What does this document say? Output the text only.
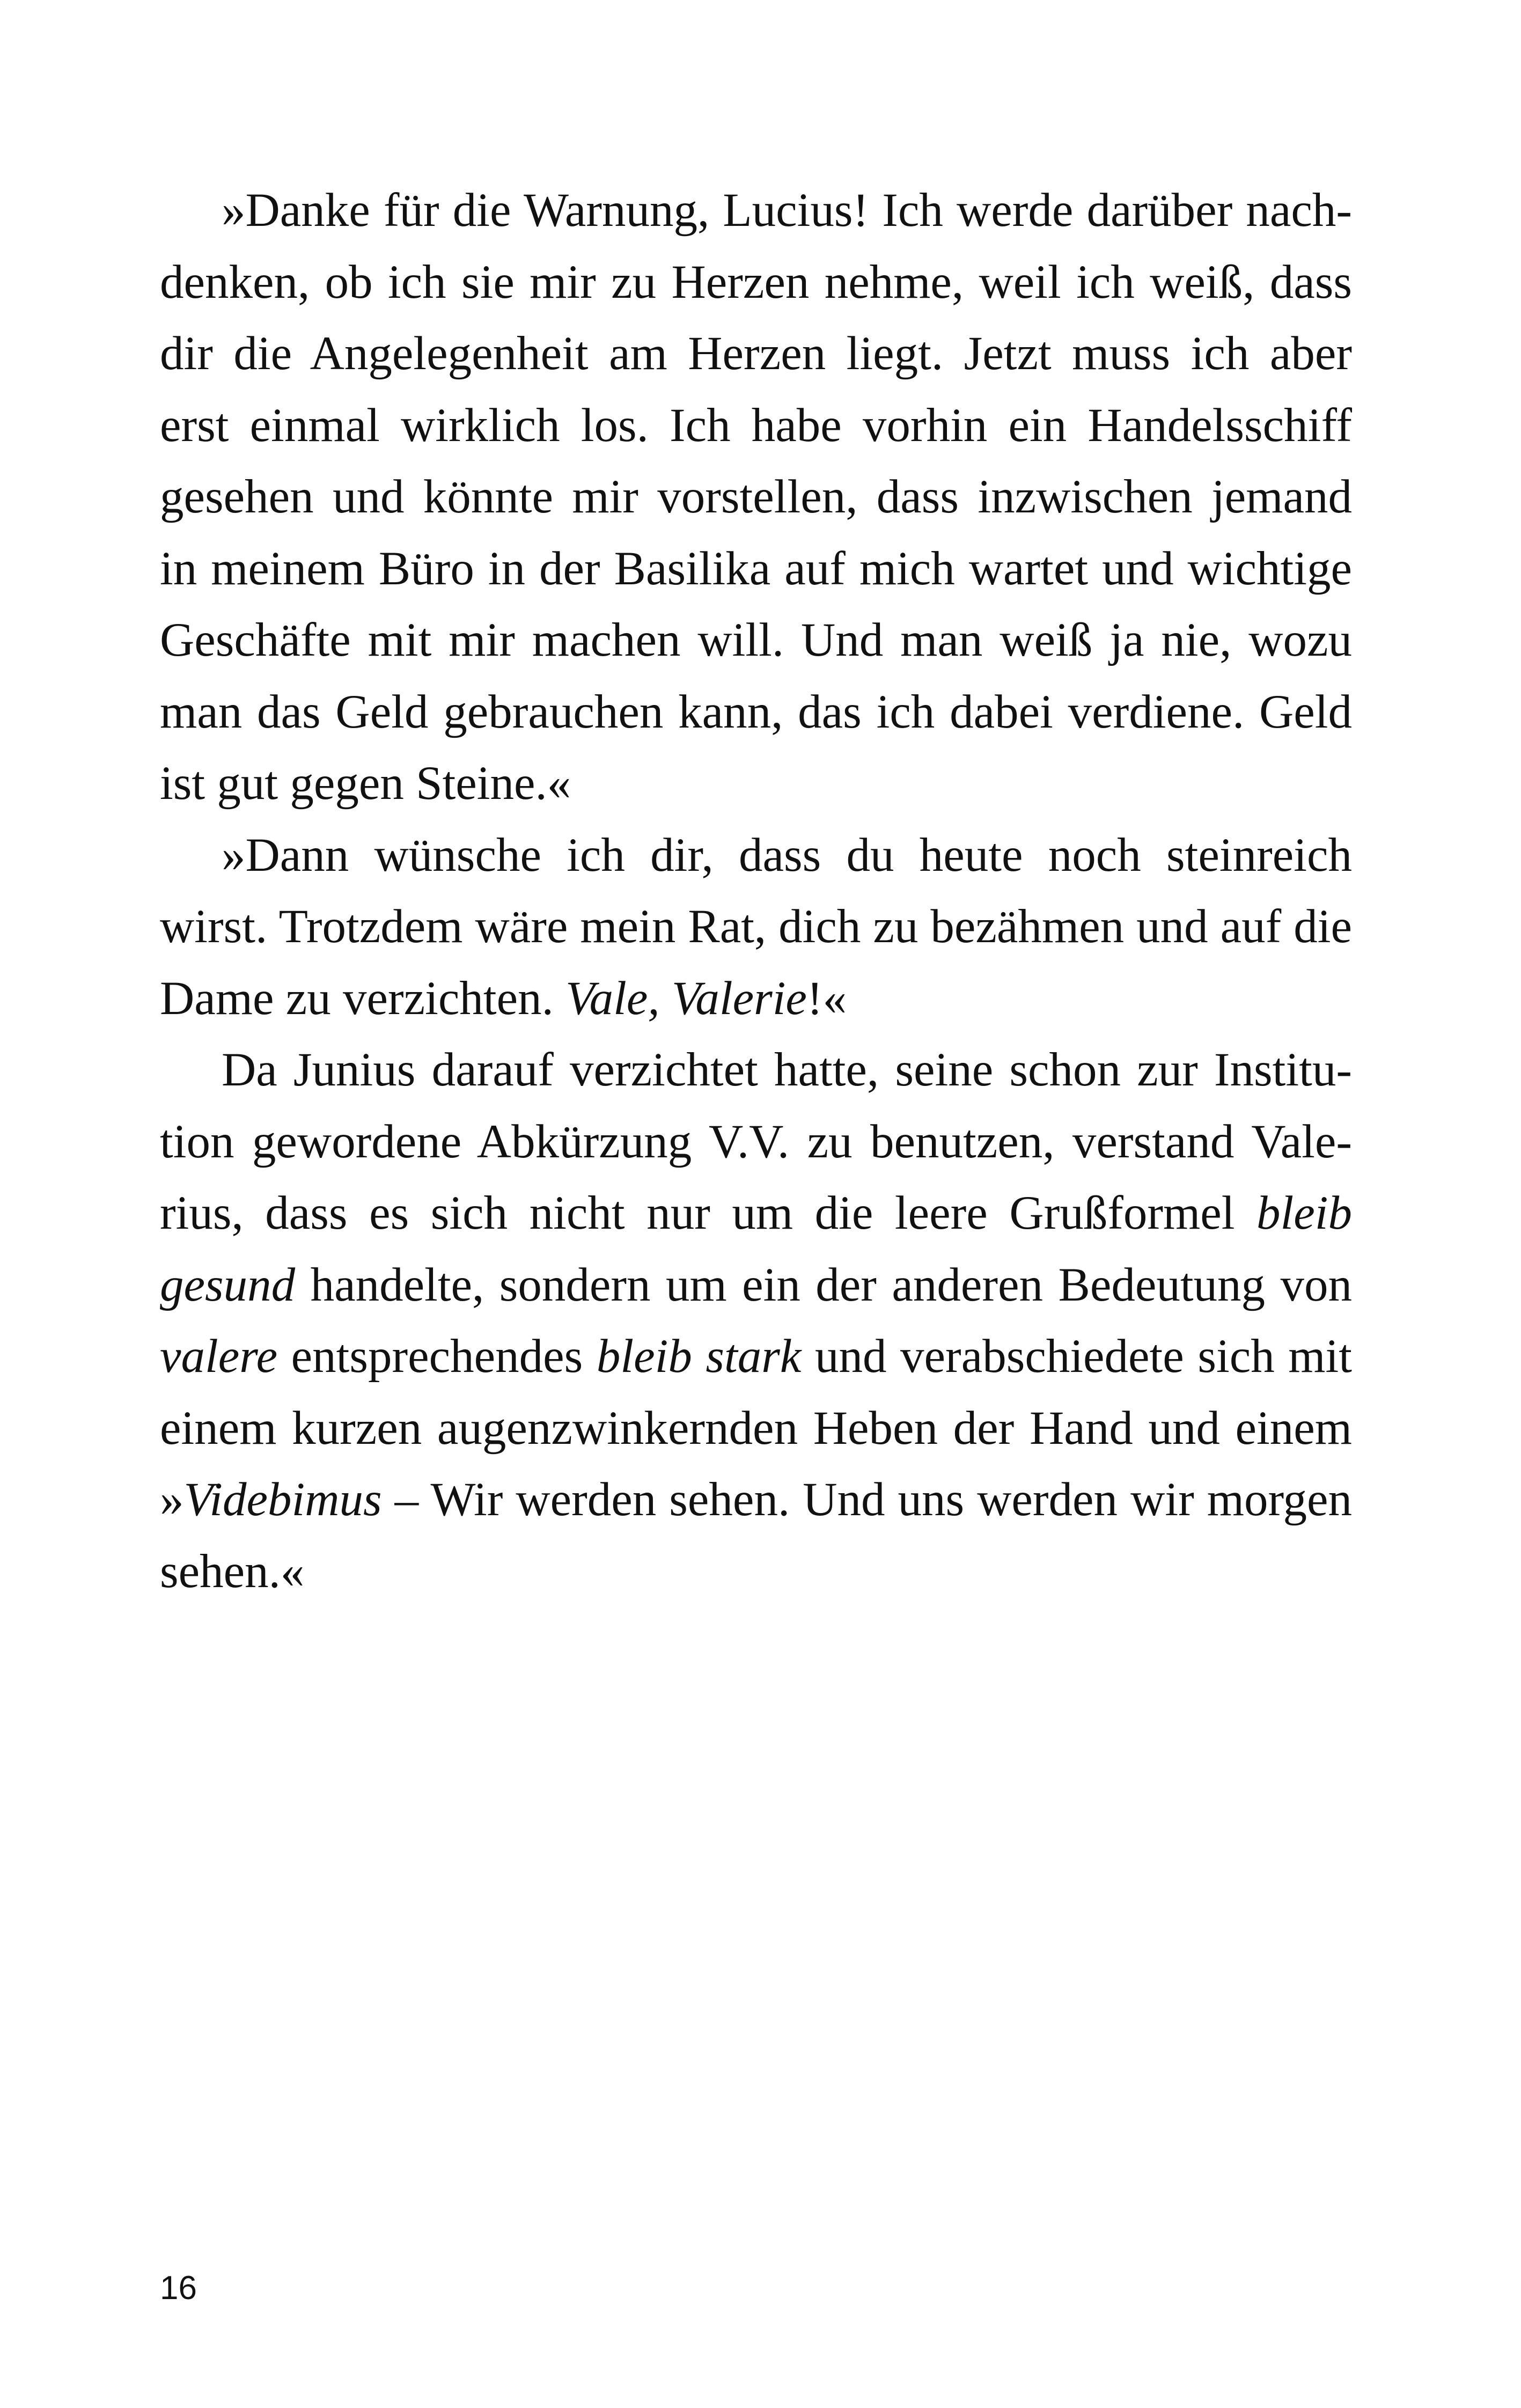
»Danke für die Warnung, Lucius! Ich werde darüber nach-
denken, ob ich sie mir zu Herzen nehme, weil ich weiß, dass
dir die Angelegenheit am Herzen liegt. Jetzt muss ich aber
erst einmal wirklich los. Ich habe vorhin ein Handelsschiff
gesehen und könnte mir vorstellen, dass inzwischen jemand
in meinem Büro in der Basilika auf mich wartet und wichtige
Geschäfte mit mir machen will. Und man weiß ja nie, wozu
man das Geld gebrauchen kann, das ich dabei verdiene. Geld
ist gut gegen Steine.«
»Dann wünsche ich dir, dass du heute noch steinreich
wirst. Trotzdem wäre mein Rat, dich zu bezähmen und auf die
Dame zu verzichten. Vale, Valerie!«
Da Junius darauf verzichtet hatte, seine schon zur Institu-
tion gewordene Abkürzung V.V. zu benutzen, verstand Vale-
rius, dass es sich nicht nur um die leere Grußformel bleib
gesund handelte, sondern um ein der anderen Bedeutung von
valere entsprechendes bleib stark und verabschiedete sich mit
einem kurzen augenzwinkernden Heben der Hand und einem
»Videbimus – Wir werden sehen. Und uns werden wir morgen
sehen.«
16
